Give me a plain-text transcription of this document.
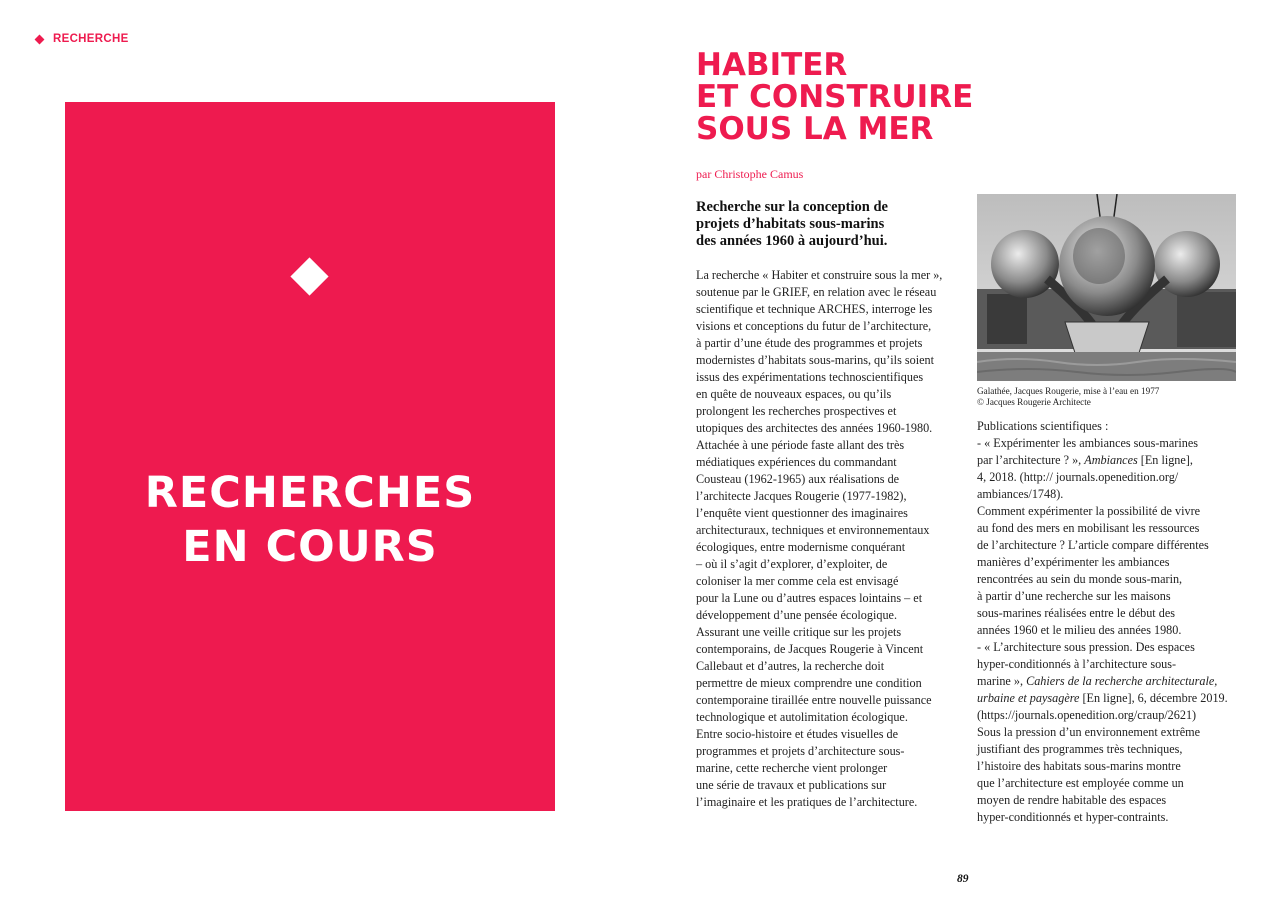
RECHERCHE
RECHERCHES
EN COURS
HABITER
ET CONSTRUIRE
SOUS LA MER
par Christophe Camus
Recherche sur la conception de
projets d’habitats sous-marins
des années 1960 à aujourd’hui.
La recherche « Habiter et construire sous la mer »,
soutenue par le GRIEF, en relation avec le réseau
scientifique et technique ARCHES, interroge les
visions et conceptions du futur de l’architecture,
à partir d’une étude des programmes et projets
modernistes d’habitats sous-marins, qu’ils soient
issus des expérimentations technoscientifiques
en quête de nouveaux espaces, ou qu’ils
prolongent les recherches prospectives et
utopiques des architectes des années 1960-1980.
Attachée à une période faste allant des très
médiatiques expériences du commandant
Cousteau (1962-1965) aux réalisations de
l’architecte Jacques Rougerie (1977-1982),
l’enquête vient questionner des imaginaires
architecturaux, techniques et environnementaux
écologiques, entre modernisme conquérant
– où il s’agit d’explorer, d’exploiter, de
coloniser la mer comme cela est envisagé
pour la Lune ou d’autres espaces lointains – et
développement d’une pensée écologique.
Assurant une veille critique sur les projets
contemporains, de Jacques Rougerie à Vincent
Callebaut et d’autres, la recherche doit
permettre de mieux comprendre une condition
contemporaine tiraillée entre nouvelle puissance
technologique et autolimitation écologique.
Entre socio-histoire et études visuelles de
programmes et projets d’architecture sous-
marine, cette recherche vient prolonger
une série de travaux et publications sur
l’imaginaire et les pratiques de l’architecture.
Galathée, Jacques Rougerie, mise à l’eau en 1977
© Jacques Rougerie Architecte

Publications scientifiques :

- « Expérimenter les ambiances sous-marines

par l’architecture ? », Ambiances [En ligne],

4, 2018. (http:// journals.openedition.org/

ambiances/1748).

Comment expérimenter la possibilité de vivre
au fond des mers en mobilisant les ressources
de l’architecture ? L’article compare différentes
manières d’expérimenter les ambiances
rencontrées au sein du monde sous-marin,
à partir d’une recherche sur les maisons
sous-marines réalisées entre le début des
années 1960 et le milieu des années 1980.

- « L’architecture sous pression. Des espaces

hyper-conditionnés à l’architecture sous-

marine », Cahiers de la recherche architecturale,

urbaine et paysagère [En ligne], 6, décembre 2019.

(https://journals.openedition.org/craup/2621)

Sous la pression d’un environnement extrême
justifiant des programmes très techniques,
l’histoire des habitats sous-marins montre
que l’architecture est employée comme un
moyen de rendre habitable des espaces
hyper-conditionnés et hyper-contraints.
89
